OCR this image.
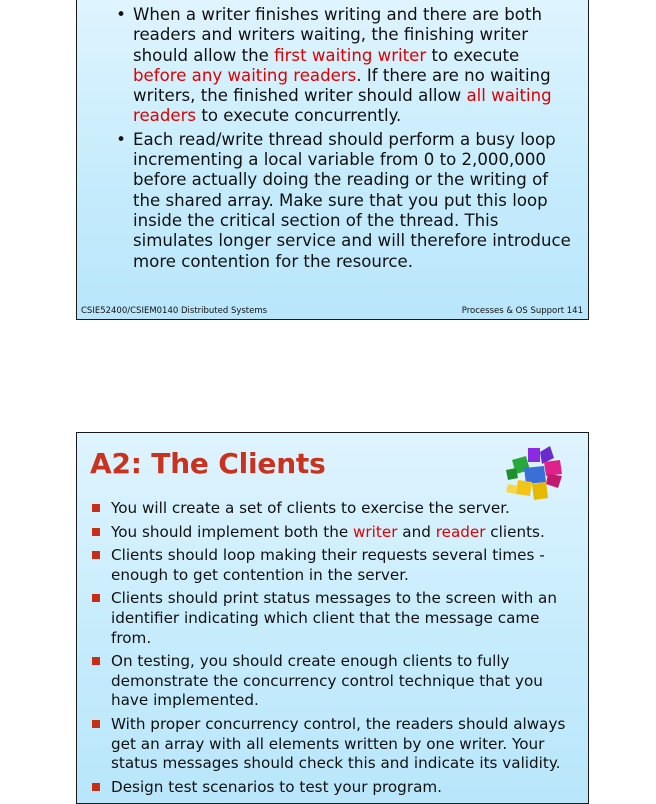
• When a writer finishes writing and there are both readers and writers waiting, the finishing writer should allow the first waiting writer to execute before any waiting readers. If there are no waiting writers, the finished writer should allow all waiting readers to execute concurrently.
• Each read/write thread should perform a busy loop incrementing a local variable from 0 to 2,000,000 before actually doing the reading or the writing of the shared array. Make sure that you put this loop inside the critical section of the thread. This simulates longer service and will therefore introduce more contention for the resource.
CSIE52400/CSIEM0140 Distributed Systems	Processes & OS Support 141
A2: The Clients
You will create a set of clients to exercise the server.
You should implement both the writer and reader clients.
Clients should loop making their requests several times - enough to get contention in the server.
Clients should print status messages to the screen with an identifier indicating which client that the message came from.
On testing, you should create enough clients to fully demonstrate the concurrency control technique that you have implemented.
With proper concurrency control, the readers should always get an array with all elements written by one writer. Your status messages should check this and indicate its validity.
Design test scenarios to test your program.
